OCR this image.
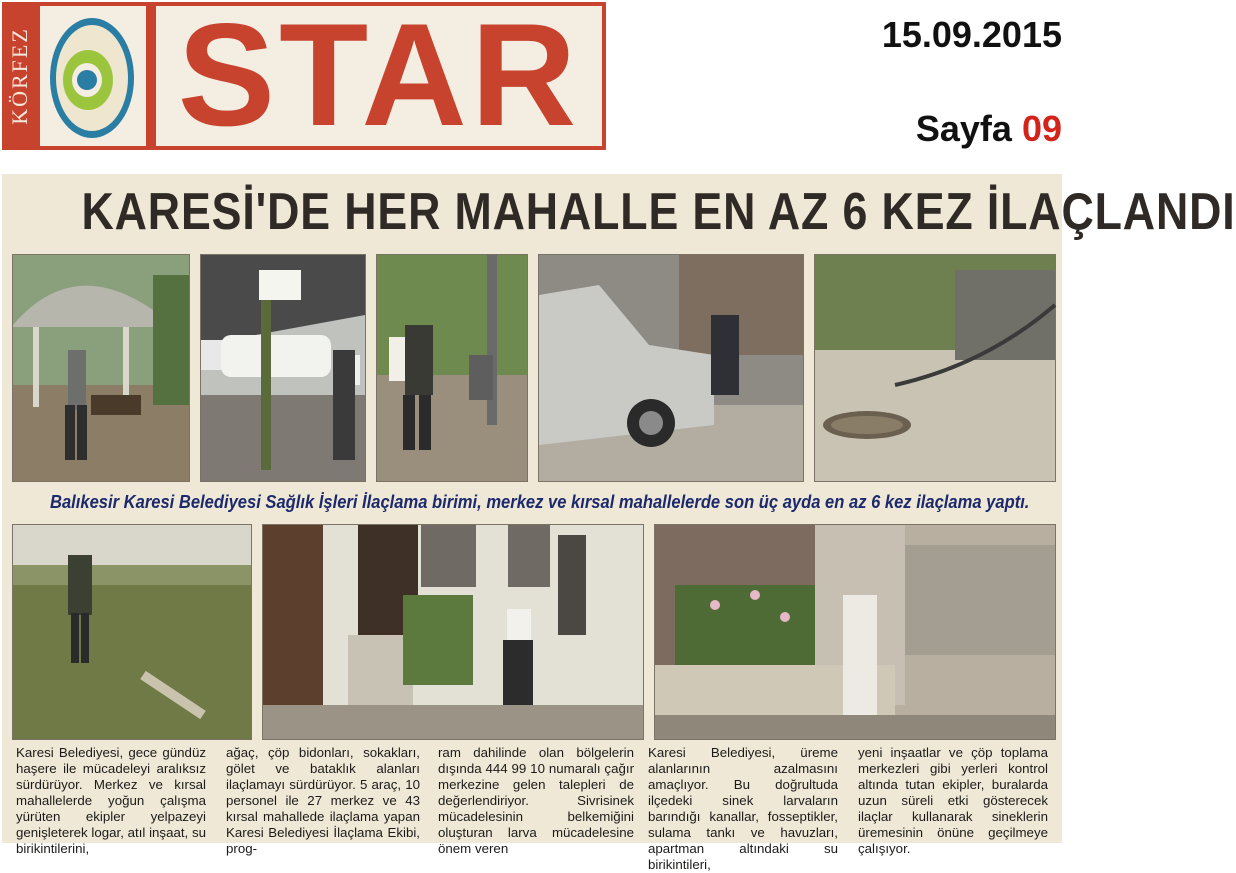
KÖRFEZ STAR	15.09.2015
Sayfa 09
KARESİ'DE HER MAHALLE EN AZ 6 KEZ İLAÇLANDI
Balıkesir Karesi Belediyesi Sağlık İşleri İlaçlama birimi, merkez ve kırsal mahallelerde son üç ayda en az 6 kez ilaçlama yaptı.

Karesi Belediyesi, gece gündüz haşere ile mücadeleyi aralıksız sürdürüyor. Merkez ve kırsal mahallelerde yoğun çalışma yürüten ekipler yelpazeyi genişleterek logar, atıl inşaat, su birikintilerini,

ağaç, çöp bidonları, sokakları, gölet ve bataklık alanları ilaçlamayı sürdürüyor. 5 araç, 10 personel ile 27 merkez ve 43 kırsal mahallede ilaçlama yapan Karesi Belediyesi İlaçlama Ekibi, prog-

ram dahilinde olan bölgelerin dışında 444 99 10 numaralı çağır merkezine gelen talepleri de değerlendiriyor. Sivrisinek mücadelesinin belkemiğini oluşturan larva mücadelesine önem veren

Karesi Belediyesi, üreme alanlarının azalmasını amaçlıyor. Bu doğrultuda ilçedeki sinek larvaların barındığı kanallar, fosseptikler, sulama tankı ve havuzları, apartman altındaki su birikintileri,

yeni inşaatlar ve çöp toplama merkezleri gibi yerleri kontrol altında tutan ekipler, buralarda uzun süreli etki gösterecek ilaçlar kullanarak sineklerin üremesinin önüne geçilmeye çalışıyor.
